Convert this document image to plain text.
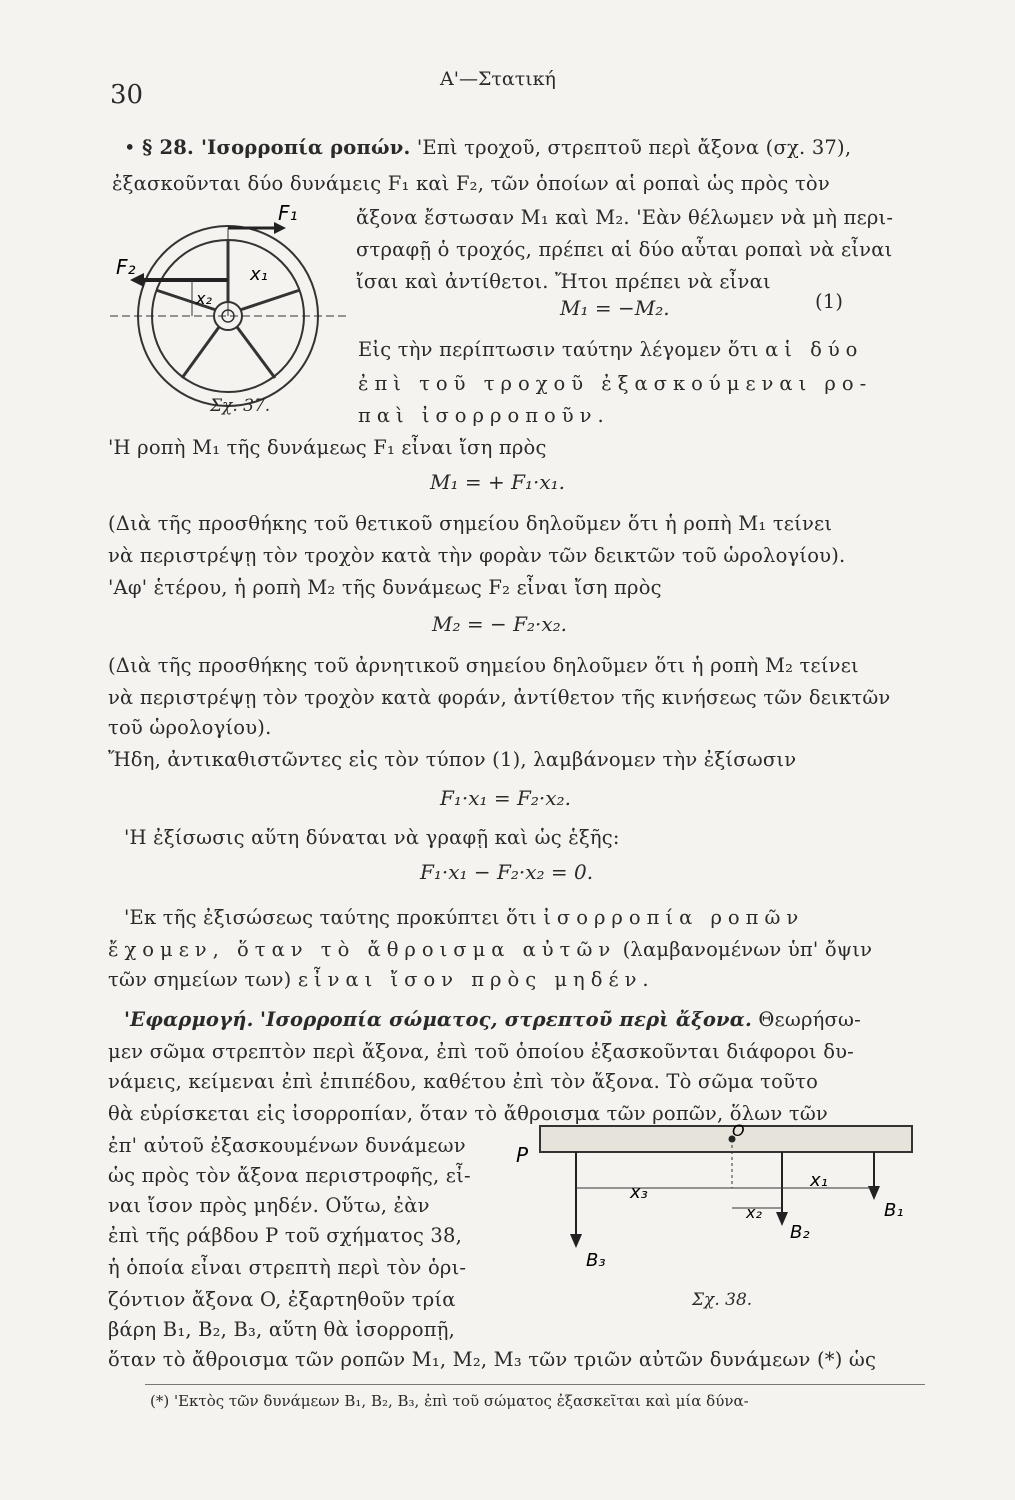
30
Α'—Στατική
• § 28. 'Ισορροπία ροπών. 'Επὶ τροχοῦ, στρεπτοῦ περὶ ἄξονα (σχ. 37),
ἐξασκοῦνται δύο δυνάμεις F₁ καὶ F₂, τῶν ὁποίων αἱ ροπαὶ ὡς πρὸς τὸν
ἄξονα ἔστωσαν M₁ καὶ M₂. 'Εὰν θέλωμεν νὰ μὴ περι-
στραφῇ ὁ τροχός, πρέπει αἱ δύο αὗται ροπαὶ νὰ εἶναι
ἴσαι καὶ ἀντίθετοι. Ἤτοι πρέπει νὰ εἶναι
M₁ = −M₂.	(1)
Εἰς τὴν περίπτωσιν ταύτην λέγομεν ὅτι αἱ δύο
ἐπὶ τοῦ τροχοῦ ἐξασκούμεναι ρο-
παὶ ἰσορροποῦν.
'Η ροπὴ M₁ τῆς δυνάμεως F₁ εἶναι ἴση πρὸς
M₁ = + F₁·x₁.
(Διὰ τῆς προσθήκης τοῦ θετικοῦ σημείου δηλοῦμεν ὅτι ἡ ροπὴ M₁ τείνει
νὰ περιστρέψῃ τὸν τροχὸν κατὰ τὴν φορὰν τῶν δεικτῶν τοῦ ὡρολογίου).
'Αφ' ἑτέρου, ἡ ροπὴ M₂ τῆς δυνάμεως F₂ εἶναι ἴση πρὸς
M₂ = − F₂·x₂.
(Διὰ τῆς προσθήκης τοῦ ἀρνητικοῦ σημείου δηλοῦμεν ὅτι ἡ ροπὴ M₂ τείνει
νὰ περιστρέψῃ τὸν τροχὸν κατὰ φοράν, ἀντίθετον τῆς κινήσεως τῶν δεικτῶν
τοῦ ὡρολογίου).
Ἤδη, ἀντικαθιστῶντες εἰς τὸν τύπον (1), λαμβάνομεν τὴν ἐξίσωσιν
F₁·x₁ = F₂·x₂.
'Η ἐξίσωσις αὕτη δύναται νὰ γραφῇ καὶ ὡς ἑξῆς:
F₁·x₁ − F₂·x₂ = 0.
'Εκ τῆς ἐξισώσεως ταύτης προκύπτει ὅτι ἰσορροπία ροπῶν
ἔχομεν, ὅταν τὸ ἄθροισμα αὐτῶν (λαμβανομένων ὑπ' ὄψιν
τῶν σημείων των) εἶναι ἴσον πρὸς μηδέν.
'Εφαρμογή. 'Ισορροπία σώματος, στρεπτοῦ περὶ ἄξονα. Θεωρήσω-
μεν σῶμα στρεπτὸν περὶ ἄξονα, ἐπὶ τοῦ ὁποίου ἐξασκοῦνται διάφοροι δυ-
νάμεις, κείμεναι ἐπὶ ἐπιπέδου, καθέτου ἐπὶ τὸν ἄξονα. Τὸ σῶμα τοῦτο
θὰ εὑρίσκεται εἰς ἰσορροπίαν, ὅταν τὸ ἄθροισμα τῶν ροπῶν, ὅλων τῶν
ἐπ' αὐτοῦ ἐξασκουμένων δυνάμεων
ὡς πρὸς τὸν ἄξονα περιστροφῆς, εἶ-
ναι ἴσον πρὸς μηδέν. Οὕτω, ἐὰν
ἐπὶ τῆς ράβδου P τοῦ σχήματος 38,
ἡ ὁποία εἶναι στρεπτὴ περὶ τὸν ὁρι-
ζόντιον ἄξονα O, ἐξαρτηθοῦν τρία
βάρη B₁, B₂, B₃, αὕτη θὰ ἰσορροπῇ,
ὅταν τὸ ἄθροισμα τῶν ροπῶν M₁, M₂, M₃ τῶν τριῶν αὐτῶν δυνάμεων (*) ὡς
(*) 'Εκτὸς τῶν δυνάμεων B₁, B₂, B₃, ἐπὶ τοῦ σώματος ἐξασκεῖται καὶ μία δύνα-
F₁
F₂	x₁
x₂
Σχ. 37.
P
O
x₃
x₁
x₂	B₁
B₂
B₃
Σχ. 38.
